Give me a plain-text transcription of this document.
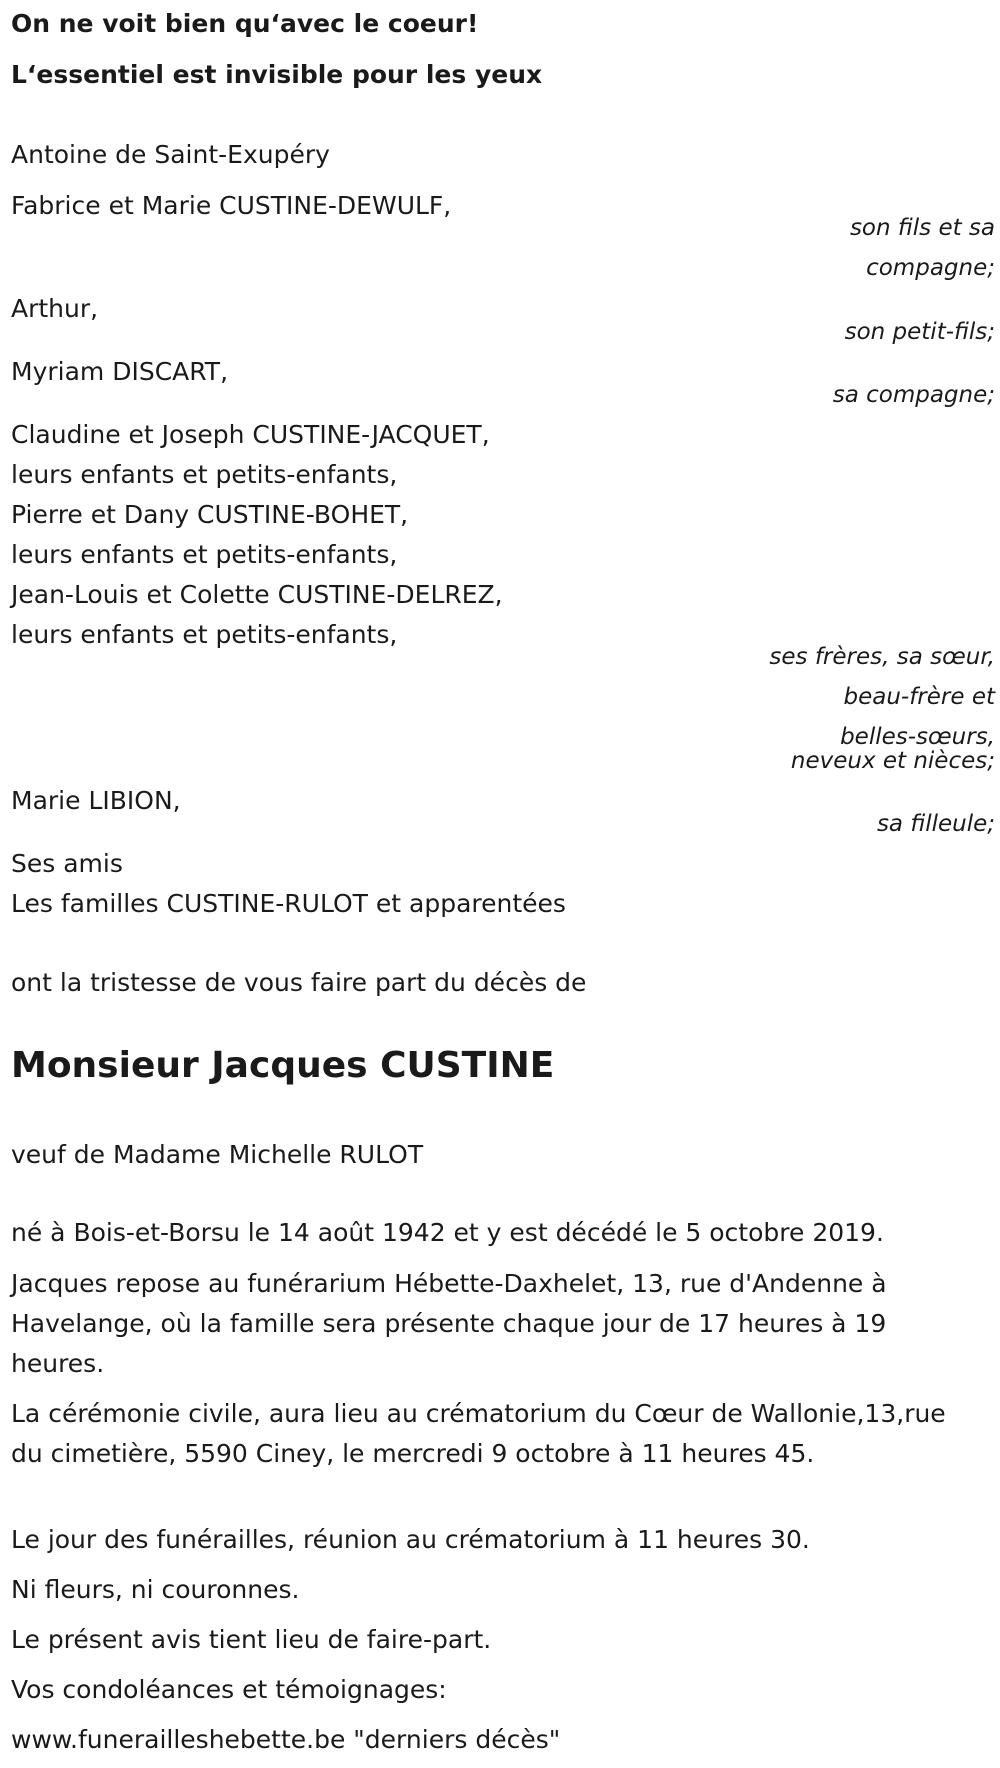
On ne voit bien qu‘avec le coeur!
L‘essentiel est invisible pour les yeux
Antoine de Saint-Exupéry
Fabrice et Marie CUSTINE-DEWULF,
son fils et sa
compagne;
Arthur,
son petit-fils;
Myriam DISCART,
sa compagne;
Claudine et Joseph CUSTINE-JACQUET,
leurs enfants et petits-enfants,
Pierre et Dany CUSTINE-BOHET,
leurs enfants et petits-enfants,
Jean-Louis et Colette CUSTINE-DELREZ,
leurs enfants et petits-enfants,
ses frères, sa sœur,
beau-frère et
belles-sœurs,
neveux et nièces;
Marie LIBION,
sa filleule;
Ses amis
Les familles CUSTINE-RULOT et apparentées
ont la tristesse de vous faire part du décès de
Monsieur Jacques CUSTINE
veuf de Madame Michelle RULOT
né à Bois-et-Borsu le 14 août 1942 et y est décédé le 5 octobre 2019.
Jacques repose au funérarium Hébette-Daxhelet, 13, rue d'Andenne à Havelange, où la famille sera présente chaque jour de 17 heures à 19 heures.
La cérémonie civile, aura lieu au crématorium du Cœur de Wallonie,13,rue du cimetière, 5590 Ciney, le mercredi 9 octobre à 11 heures 45.
Le jour des funérailles, réunion au crématorium à 11 heures 30.
Ni fleurs, ni couronnes.
Le présent avis tient lieu de faire-part.
Vos condoléances et témoignages:
www.funerailleshebette.be "derniers décès"
